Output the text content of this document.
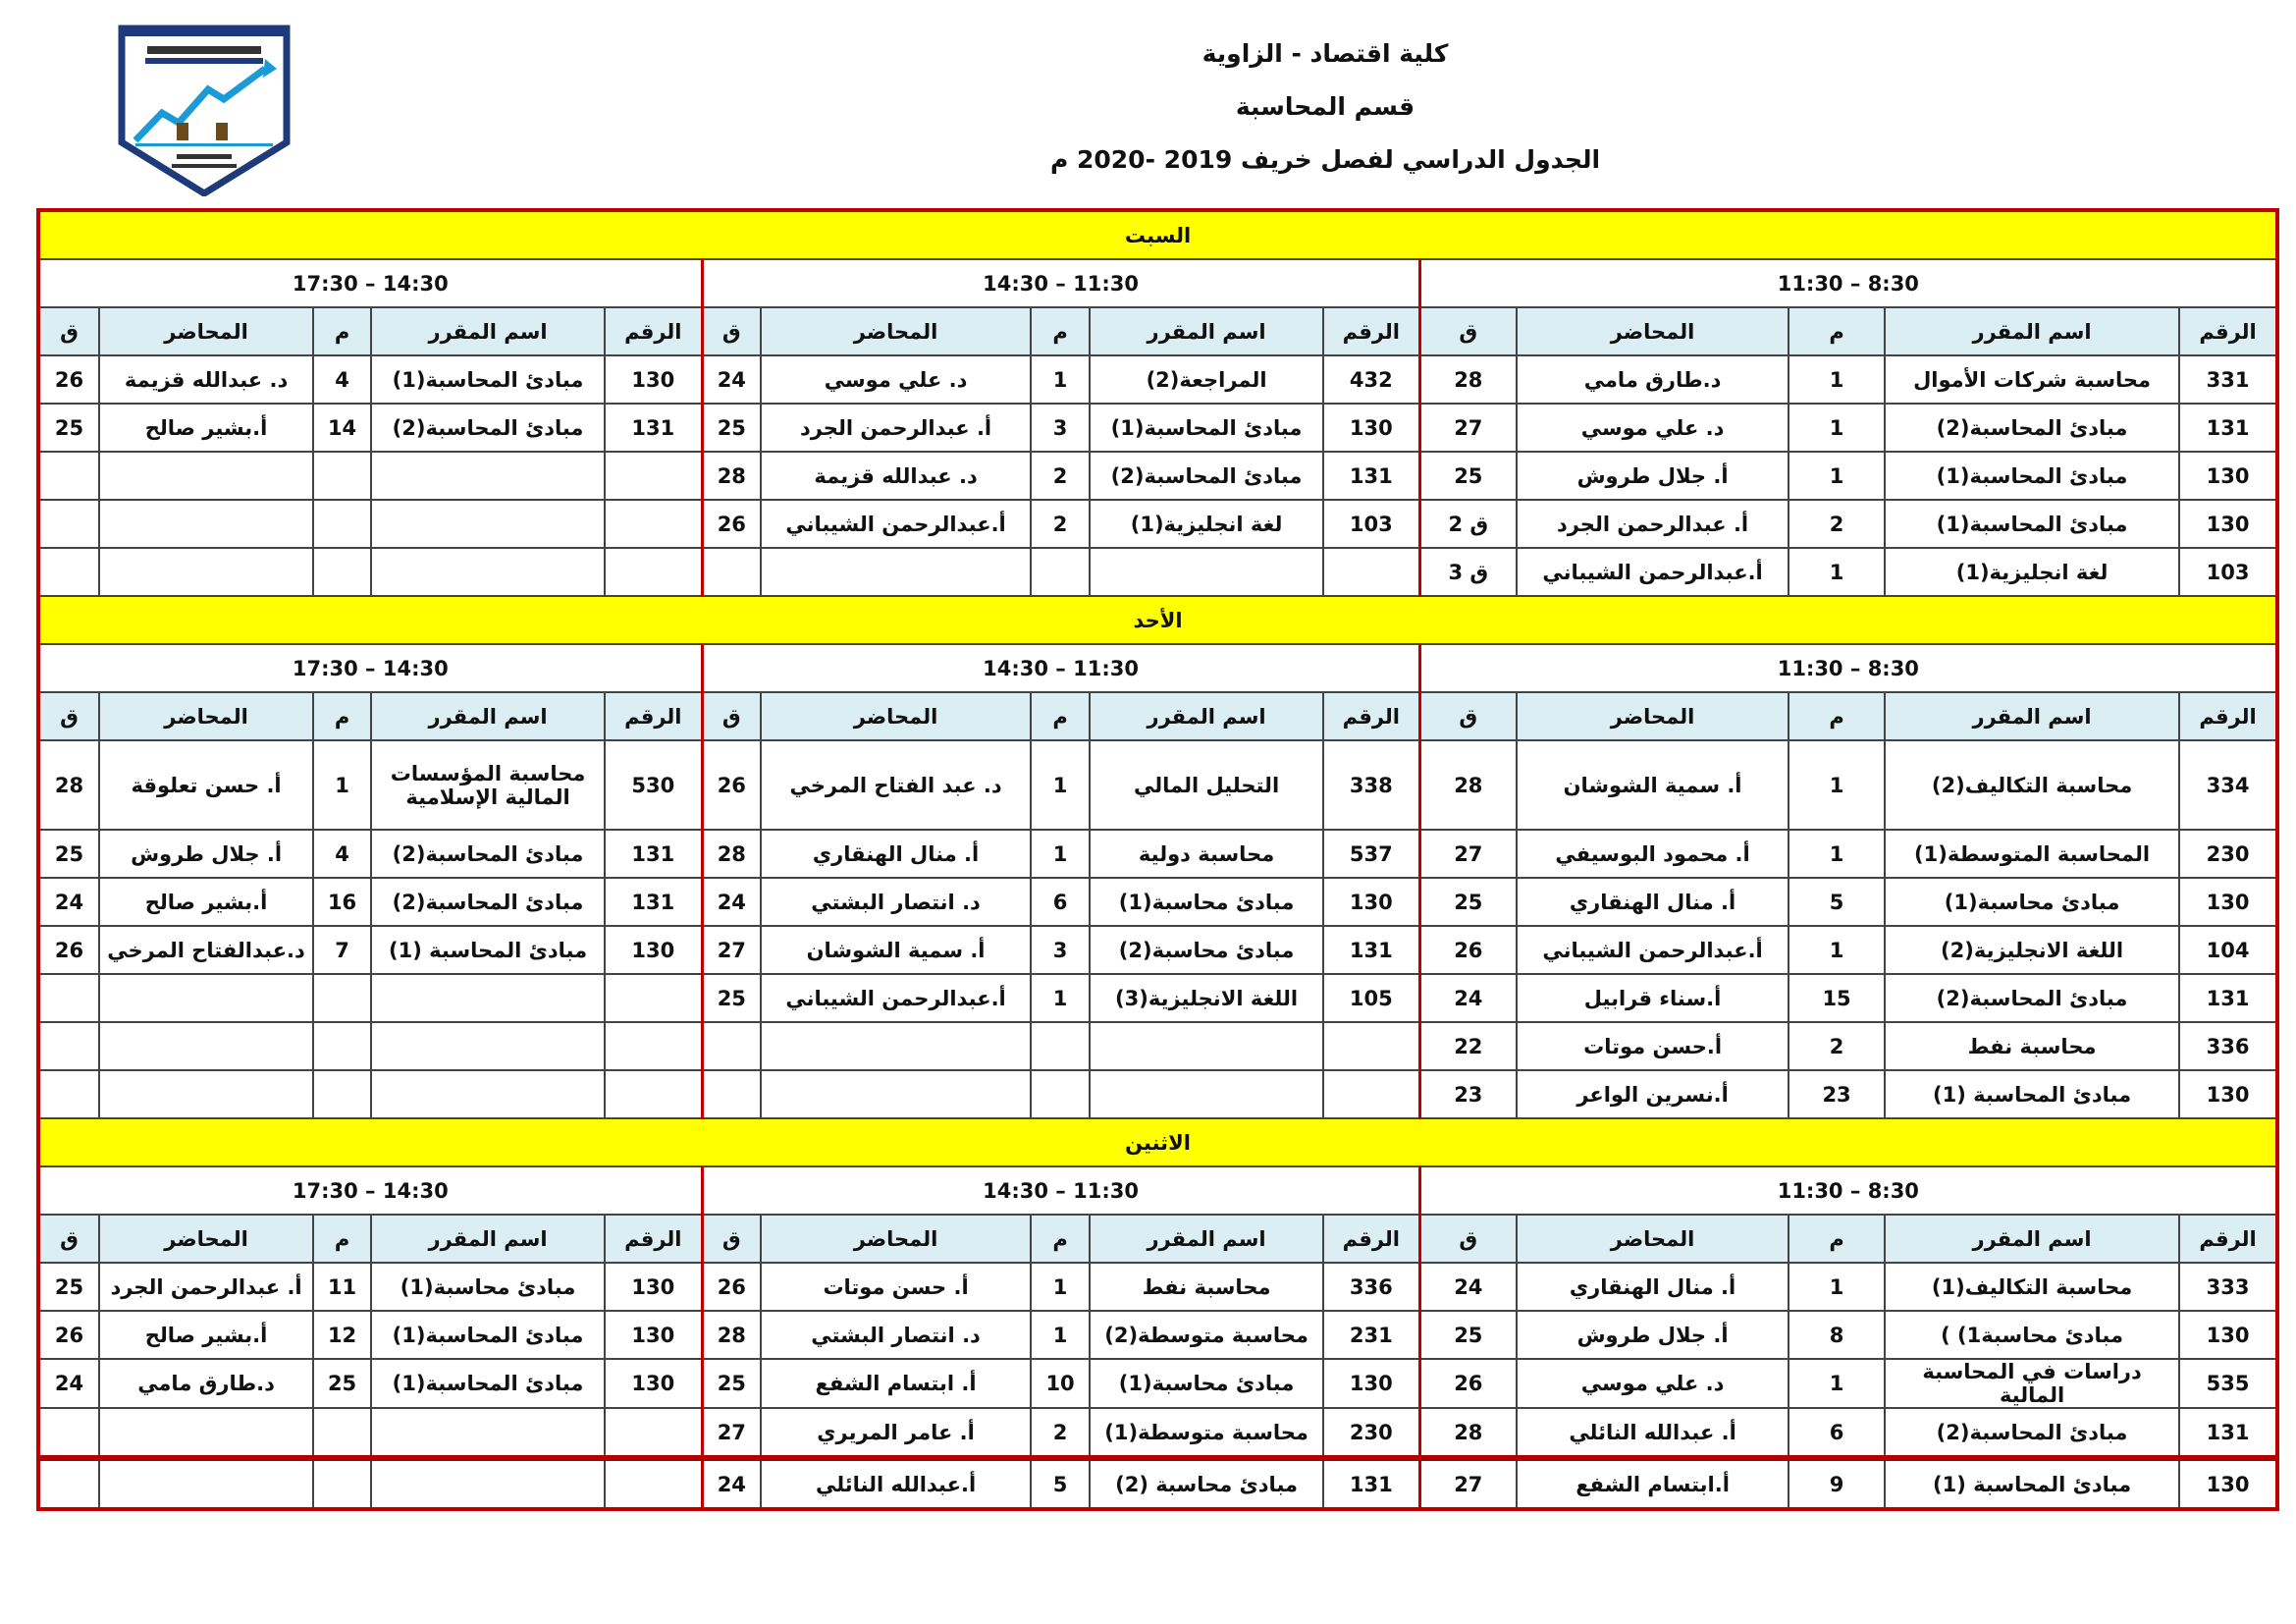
كلية اقتصاد - الزاوية
قسم المحاسبة
الجدول الدراسي لفصل خريف 2019 -2020 م
السبت														
8:30 – 11:30					11:30 – 14:30					14:30 – 17:30				
الرقم	اسم المقرر	م	المحاضر	ق	الرقم	اسم المقرر	م	المحاضر	ق	الرقم	اسم المقرر	م	المحاضر	ق
331	محاسبة شركات الأموال	1	د.طارق مامي	28	432	المراجعة(2)	1	د. علي موسي	24	130	مبادئ المحاسبة(1)	4	د. عبدالله قزيمة	26
131	مبادئ المحاسبة(2)	1	د. علي موسي	27	130	مبادئ المحاسبة(1)	3	أ. عبدالرحمن الجرد	25	131	مبادئ المحاسبة(2)	14	أ.بشير صالح	25
130	مبادئ المحاسبة(1)	1	أ. جلال طروش	25	131	مبادئ المحاسبة(2)	2	د. عبدالله قزيمة	28					
130	مبادئ المحاسبة(1)	2	أ. عبدالرحمن الجرد	ق 2	103	لغة انجليزية(1)	2	أ.عبدالرحمن الشيباني	26					
103	لغة انجليزية(1)	1	أ.عبدالرحمن الشيباني	ق 3										
الأحد														
8:30 – 11:30					11:30 – 14:30					14:30 – 17:30				
الرقم	اسم المقرر	م	المحاضر	ق	الرقم	اسم المقرر	م	المحاضر	ق	الرقم	اسم المقرر	م	المحاضر	ق
334	محاسبة التكاليف(2)	1	أ. سمية الشوشان	28	338	التحليل المالي	1	د. عبد الفتاح المرخي	26	530	محاسبة المؤسسات المالية الإسلامية	1	أ. حسن تعلوقة	28
230	المحاسبة المتوسطة(1)	1	أ. محمود البوسيفي	27	537	محاسبة دولية	1	أ. منال الهنقاري	28	131	مبادئ المحاسبة(2)	4	أ. جلال طروش	25
130	مبادئ محاسبة(1)	5	أ. منال الهنقاري	25	130	مبادئ محاسبة(1)	6	د. انتصار البشتي	24	131	مبادئ المحاسبة(2)	16	أ.بشير صالح	24
104	اللغة الانجليزية(2)	1	أ.عبدالرحمن الشيباني	26	131	مبادئ محاسبة(2)	3	أ. سمية الشوشان	27	130	مبادئ المحاسبة (1)	7	د.عبدالفتاح المرخي	26
131	مبادئ المحاسبة(2)	15	أ.سناء قرابيل	24	105	اللغة الانجليزية(3)	1	أ.عبدالرحمن الشيباني	25					
336	محاسبة نفط	2	أ.حسن موتات	22										
130	مبادئ المحاسبة (1)	23	أ.نسرين الواعر	23										
الاثنين														
8:30 – 11:30					11:30 – 14:30					14:30 – 17:30				
الرقم	اسم المقرر	م	المحاضر	ق	الرقم	اسم المقرر	م	المحاضر	ق	الرقم	اسم المقرر	م	المحاضر	ق
333	محاسبة التكاليف(1)	1	أ. منال الهنقاري	24	336	محاسبة نفط	1	أ. حسن موتات	26	130	مبادئ محاسبة(1)	11	أ. عبدالرحمن الجرد	25
130	مبادئ محاسبة1) )	8	أ. جلال طروش	25	231	محاسبة متوسطة(2)	1	د. انتصار البشتي	28	130	مبادئ المحاسبة(1)	12	أ.بشير صالح	26
535	دراسات في المحاسبة المالية	1	د. علي موسي	26	130	مبادئ محاسبة(1)	10	أ. ابتسام الشفع	25	130	مبادئ المحاسبة(1)	25	د.طارق مامي	24
131	مبادئ المحاسبة(2)	6	أ. عبدالله النائلي	28	230	محاسبة متوسطة(1)	2	أ. عامر المريري	27					
130	مبادئ المحاسبة (1)	9	أ.ابتسام الشفع	27	131	مبادئ محاسبة (2)	5	أ.عبدالله النائلي	24					
